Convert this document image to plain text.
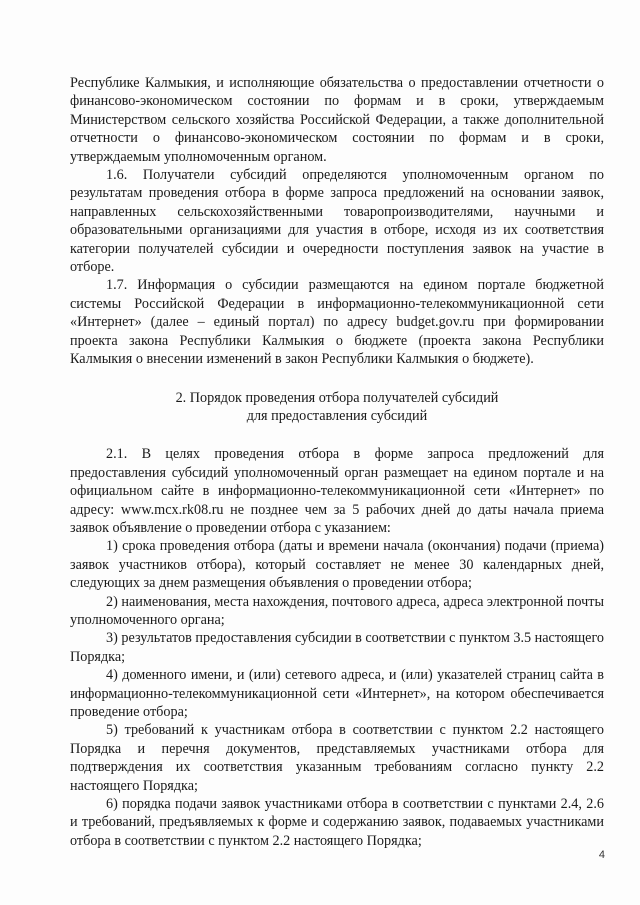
Республике Калмыкия, и исполняющие обязательства о предоставлении отчетности о финансово-экономическом состоянии по формам и в сроки, утверждаемым Министерством сельского хозяйства Российской Федерации, а также дополнительной отчетности о финансово-экономическом состоянии по формам и в сроки, утверждаемым уполномоченным органом.

1.6. Получатели субсидий определяются уполномоченным органом по результатам проведения отбора в форме запроса предложений на основании заявок, направленных сельскохозяйственными товаропроизводителями, научными и образовательными организациями для участия в отборе, исходя из их соответствия категории получателей субсидии и очередности поступления заявок на участие в отборе.

1.7. Информация о субсидии размещаются на едином портале бюджетной системы Российской Федерации в информационно-телекоммуникационной сети «Интернет» (далее – единый портал) по адресу budget.gov.ru при формировании проекта закона Республики Калмыкия о бюджете (проекта закона Республики Калмыкия о внесении изменений в закон Республики Калмыкия о бюджете).

2. Порядок проведения отбора получателей субсидий
для предоставления субсидий

2.1. В целях проведения отбора в форме запроса предложений для предоставления субсидий уполномоченный орган размещает на едином портале и на официальном сайте в информационно-телекоммуникационной сети «Интернет» по адресу: www.mcx.rk08.ru не позднее чем за 5 рабочих дней до даты начала приема заявок объявление о проведении отбора с указанием:

1) срока проведения отбора (даты и времени начала (окончания) подачи (приема) заявок участников отбора), который составляет не менее 30 календарных дней, следующих за днем размещения объявления о проведении отбора;

2) наименования, места нахождения, почтового адреса, адреса электронной почты уполномоченного органа;

3) результатов предоставления субсидии в соответствии с пунктом 3.5 настоящего Порядка;

4) доменного имени, и (или) сетевого адреса, и (или) указателей страниц сайта в информационно-телекоммуникационной сети «Интернет», на котором обеспечивается проведение отбора;

5) требований к участникам отбора в соответствии с пунктом 2.2 настоящего Порядка и перечня документов, представляемых участниками отбора для подтверждения их соответствия указанным требованиям согласно пункту 2.2 настоящего Порядка;

6) порядка подачи заявок участниками отбора в соответствии с пунктами 2.4, 2.6 и требований, предъявляемых к форме и содержанию заявок, подаваемых участниками отбора в соответствии с пунктом 2.2 настоящего Порядка;

4
